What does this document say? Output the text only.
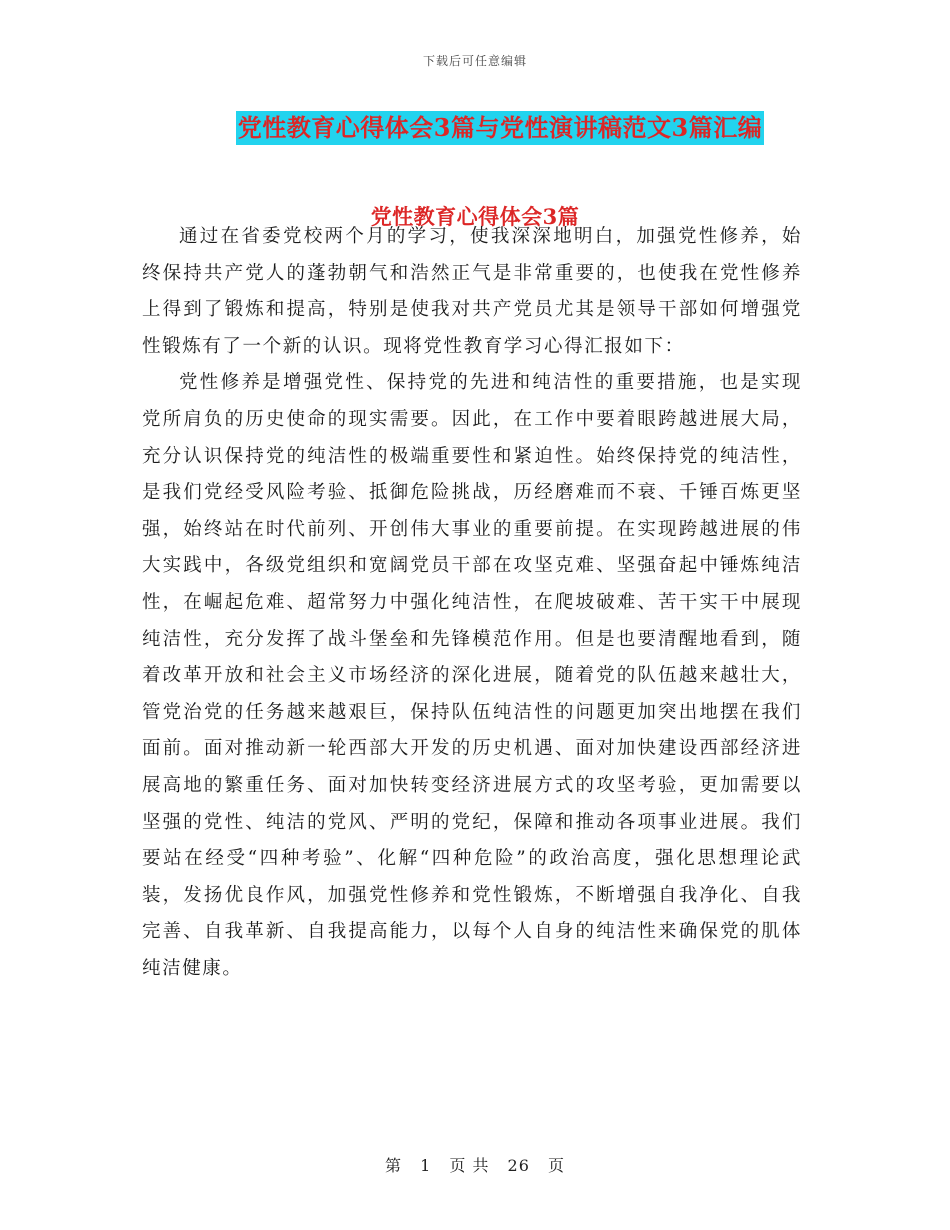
下载后可任意编辑
党性教育心得体会3篇与党性演讲稿范文3篇汇编
党性教育心得体会3篇

通过在省委党校两个月的学习，使我深深地明白，加强党性修养，始终保持共产党人的蓬勃朝气和浩然正气是非常重要的，也使我在党性修养上得到了锻炼和提高，特别是使我对共产党员尤其是领导干部如何增强党性锻炼有了一个新的认识。现将党性教育学习心得汇报如下：

党性修养是增强党性、保持党的先进和纯洁性的重要措施，也是实现党所肩负的历史使命的现实需要。因此，在工作中要着眼跨越进展大局，充分认识保持党的纯洁性的极端重要性和紧迫性。始终保持党的纯洁性，是我们党经受风险考验、抵御危险挑战，历经磨难而不衰、千锤百炼更坚强，始终站在时代前列、开创伟大事业的重要前提。在实现跨越进展的伟大实践中，各级党组织和宽阔党员干部在攻坚克难、坚强奋起中锤炼纯洁性，在崛起危难、超常努力中强化纯洁性，在爬坡破难、苦干实干中展现纯洁性，充分发挥了战斗堡垒和先锋模范作用。但是也要清醒地看到，随着改革开放和社会主义市场经济的深化进展，随着党的队伍越来越壮大，管党治党的任务越来越艰巨，保持队伍纯洁性的问题更加突出地摆在我们面前。面对推动新一轮西部大开发的历史机遇、面对加快建设西部经济进展高地的繁重任务、面对加快转变经济进展方式的攻坚考验，更加需要以坚强的党性、纯洁的党风、严明的党纪，保障和推动各项事业进展。我们要站在经受“四种考验”、化解“四种危险”的政治高度，强化思想理论武装，发扬优良作风，加强党性修养和党性锻炼，不断增强自我净化、自我完善、自我革新、自我提高能力，以每个人自身的纯洁性来确保党的肌体纯洁健康。

第 1 页 共 26 页
